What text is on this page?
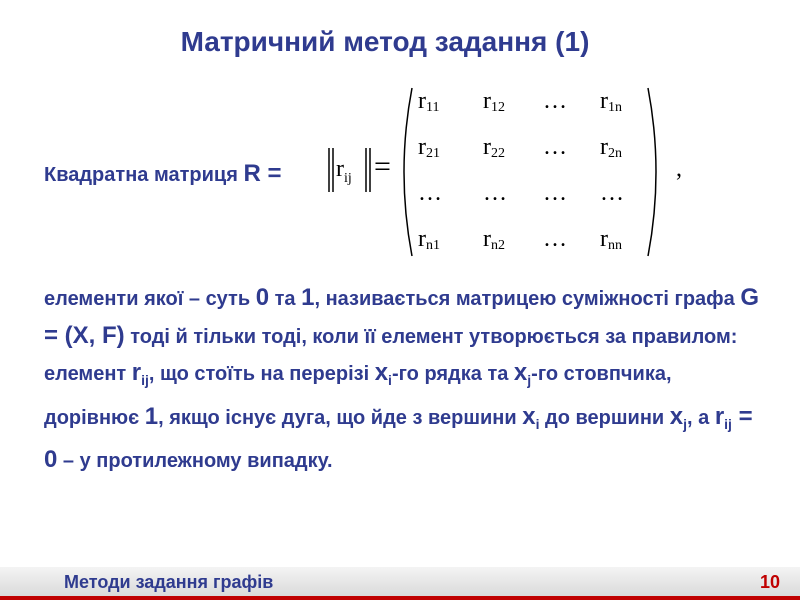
Матричний метод задання (1)
Квадратна матриця $R = r_{ij}$ =	,
$r_{11}$ $r_{12}$ … $r_{1n}$
$r_{21}$ $r_{22}$ … $r_{2n}$
… … … …
$r_{n1}$ $r_{n2}$ … $r_{nn}$
елементи якої – суть 0 та 1, називається матрицею суміжності графа G = (X, F) тоді й тільки тоді, коли її елемент утворюється за правилом: елемент $r_{ij}$, що стоїть на перерізі $x_i-го$ рядка та $x_j-го$ стовпчика, дорівнює 1, якщо існує дуга, що йде з вершини $x_i$ до вершини $x_j$, а $r_{ij} = 0 - у$ протилежному випадку.
Методи задання графів	10
